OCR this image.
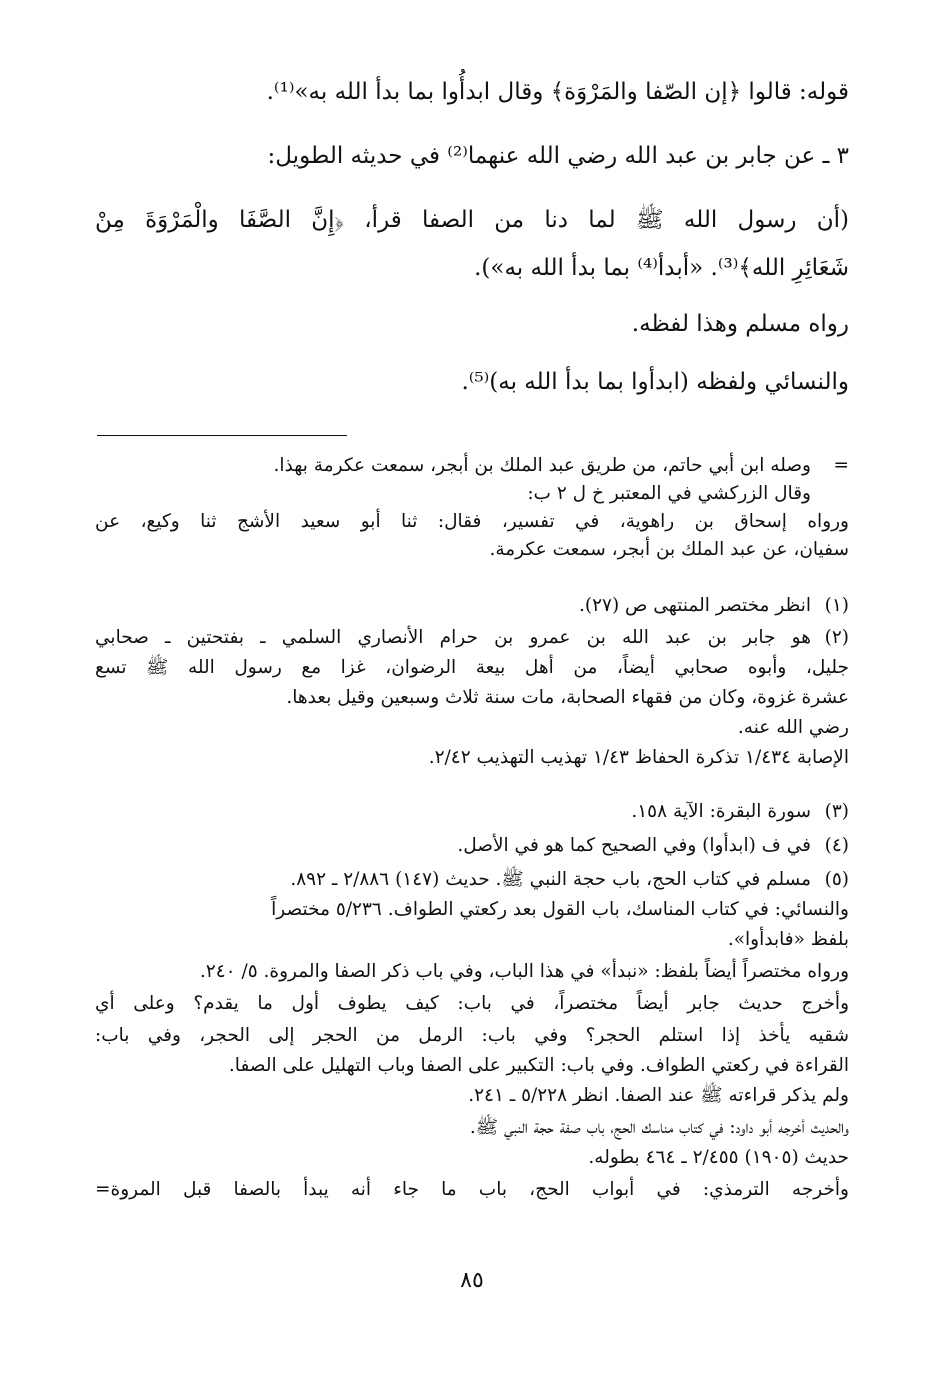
قوله: قالوا ﴿إن الصّفا والمَرْوَة﴾ وقال ابدأُوا بما بدأ الله به»⁽¹⁾.
٣ ـ عن جابر بن عبد الله رضي الله عنهما⁽²⁾ في حديثه الطويل:
(أن رسول الله ﷺ لما دنا من الصفا قرأ، ﴿إِنَّ الصَّفَا والْمَرْوَةَ مِنْ
شَعَائِرِ الله﴾⁽³⁾. «أبدأ⁽⁴⁾ بما بدأ الله به»).
رواه مسلم وهذا لفظه.
والنسائي ولفظه (ابدأوا بما بدأ الله به)⁽⁵⁾.
=
وصله ابن أبي حاتم، من طريق عبد الملك بن أبجر، سمعت عكرمة بهذا.
وقال الزركشي في المعتبر خ ل ٢ ب:
ورواه إسحاق بن راهوية، في تفسير، فقال: ثنا أبو سعيد الأشج ثنا وكيع، عن
سفيان، عن عبد الملك بن أبجر، سمعت عكرمة.
(١)
انظر مختصر المنتهى ص (٢٧).
(٢)
هو جابر بن عبد الله بن عمرو بن حرام الأنصاري السلمي ـ بفتحتين ـ صحابي
جليل، وأبوه صحابي أيضاً، من أهل بيعة الرضوان، غزا مع رسول الله ﷺ تسع
عشرة غزوة، وكان من فقهاء الصحابة، مات سنة ثلاث وسبعين وقيل بعدها.
رضي الله عنه.
الإصابة ١/٤٣٤ تذكرة الحفاظ ١/٤٣ تهذيب التهذيب ٢/٤٢.
(٣)
سورة البقرة: الآية ١٥٨.
(٤)
في ف (ابدأوا) وفي الصحيح كما هو في الأصل.
(٥)
مسلم في كتاب الحج، باب حجة النبي ﷺ. حديث (١٤٧) ٢/٨٨٦ ـ ٨٩٢.
والنسائي: في كتاب المناسك، باب القول بعد ركعتي الطواف. ٥/٢٣٦ مختصراً
بلفظ «فابدأوا».
ورواه مختصراً أيضاً بلفظ: «نبدأ» في هذا الباب، وفي باب ذكر الصفا والمروة. ٥/ ٢٤٠.
وأخرج حديث جابر أيضاً مختصراً، في باب: كيف يطوف أول ما يقدم؟ وعلى أي
شقيه يأخذ إذا استلم الحجر؟ وفي باب: الرمل من الحجر إلى الحجر، وفي باب:
القراءة في ركعتي الطواف. وفي باب: التكبير على الصفا وباب التهليل على الصفا.
ولم يذكر قراءته ﷺ عند الصفا. انظر ٥/٢٢٨ ـ ٢٤١.
والحديث أخرجه أبو داود: في كتاب مناسك الحج، باب صفة حجة النبي ﷺ.
حديث (١٩٠٥) ٢/٤٥٥ ـ ٤٦٤ بطوله.
وأخرجه الترمذي: في أبواب الحج، باب ما جاء أنه يبدأ بالصفا قبل المروة=
٨٥
